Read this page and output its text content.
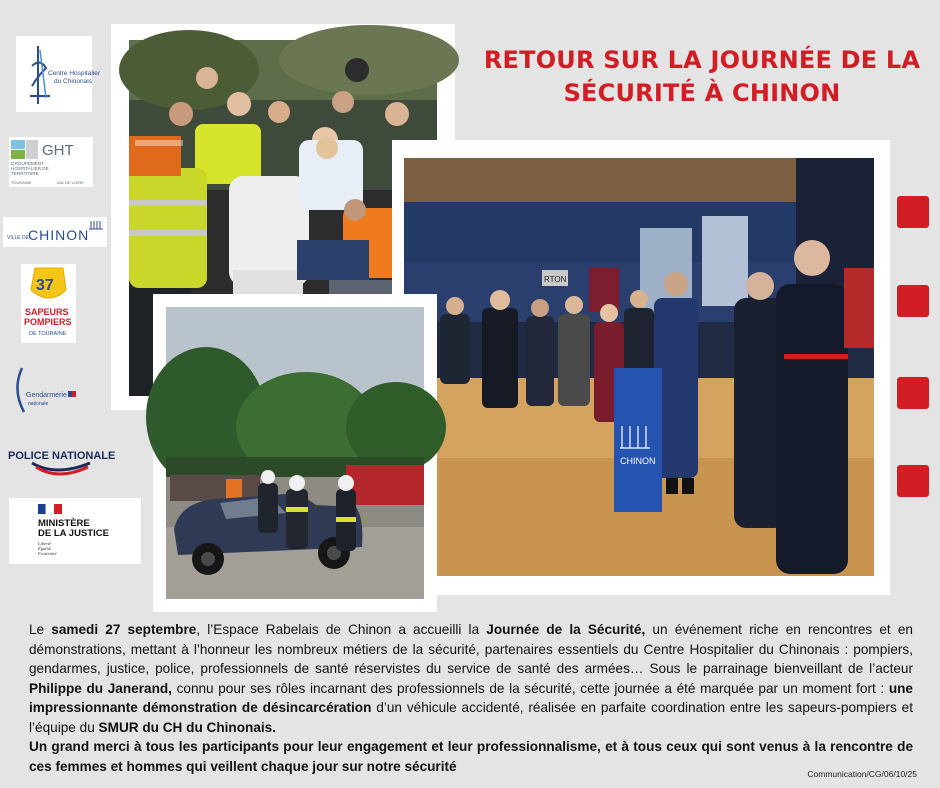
RETOUR SUR LA JOURNÉE DE LA
SÉCURITÉ À CHINON
Centre Hospitalier
du Chinonais
GHT
GROUPEMENT
HOSPITALIER DE
TERRITOIRE
TOURAINE	VAL DE LOIRE
VILLE DE CHINON
37
SAPEURS
POMPIERS
DE TOURAINE
Gendarmerie
nationale
POLICE NATIONALE
MINISTÈRE
DE LA JUSTICE
Liberté
Égalité
Fraternité
RTON
CHINON
Le samedi 27 septembre, l’Espace Rabelais de Chinon a accueilli la Journée de la Sécurité, un événement riche en rencontres et en démonstrations, mettant à l’honneur les nombreux métiers de la sécurité, partenaires essentiels du Centre Hospitalier du Chinonais : pompiers, gendarmes, justice, police, professionnels de santé réservistes du service de santé des armées… Sous le parrainage bienveillant de l’acteur Philippe du Janerand, connu pour ses rôles incarnant des professionnels de la sécurité, cette journée a été marquée par un moment fort : une impressionnante démonstration de désincarcération d’un véhicule accidenté, réalisée en parfaite coordination entre les sapeurs-pompiers et l’équipe du SMUR du CH du Chinonais.
Un grand merci à tous les participants pour leur engagement et leur professionnalisme, et à tous ceux qui sont venus à la rencontre de ces femmes et hommes qui veillent chaque jour sur notre sécurité
Communication/CG/06/10/25
